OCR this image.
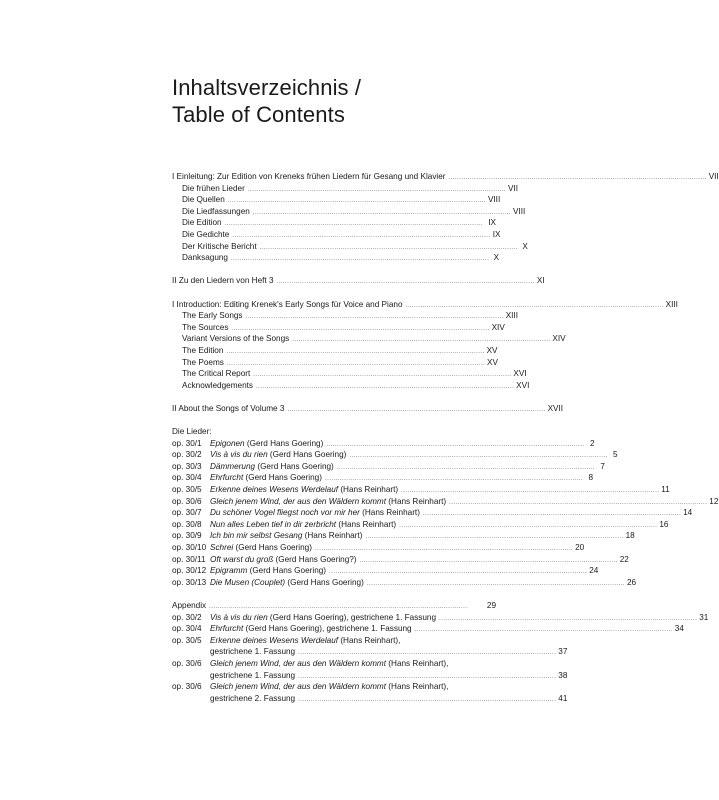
Inhaltsverzeichnis /
Table of Contents
I Einleitung: Zur Edition von Kreneks frühen Liedern für Gesang und Klavier . . .	VII
Die frühen Lieder . . .	VII
Die Quellen . . .	VIII
Die Liedfassungen . . .	VIII
Die Edition . . .	IX
Die Gedichte . . .	IX
Der Kritische Bericht . . .	X
Danksagung . . .	X
II Zu den Liedern von Heft 3 . . .	XI
I Introduction: Editing Krenek's Early Songs für Voice and Piano . . .	XIII
The Early Songs . . .	XIII
The Sources . . .	XIV
Variant Versions of the Songs . . .	XIV
The Edition . . .	XV
The Poems . . .	XV
The Critical Report . . .	XVI
Acknowledgements . . .	XVI
II About the Songs of Volume 3 . . .	XVII
Die Lieder:
op. 30/1	Epigonen (Gerd Hans Goering) . . .	2
op. 30/2	Vis à vis du rien (Gerd Hans Goering) . . .	5
op. 30/3	Dämmerung (Gerd Hans Goering) . . .	7
op. 30/4	Ehrfurcht (Gerd Hans Goering) . . .	8
op. 30/5	Erkenne deines Wesens Werdelauf (Hans Reinhart) . . .	11
op. 30/6	Gleich jenem Wind, der aus den Wäldern kommt (Hans Reinhart) . . .	12
op. 30/7	Du schöner Vogel fliegst noch vor mir her (Hans Reinhart) . . .	14
op. 30/8	Nun alles Leben tief in dir zerbricht (Hans Reinhart) . . .	16
op. 30/9	Ich bin mir selbst Gesang (Hans Reinhart) . . .	18
op. 30/10 Schrei (Gerd Hans Goering) . . .	20
op. 30/11 Oft warst du groß (Gerd Hans Goering?) . . .	22
op. 30/12 Epigramm (Gerd Hans Goering) . . .	24
op. 30/13 Die Musen (Couplet) (Gerd Hans Goering) . . .	26
Appendix . . .	29
op. 30/2	Vis à vis du rien (Gerd Hans Goering), gestrichene 1. Fassung . . .	31
op. 30/4	Ehrfurcht (Gerd Hans Goering), gestrichene 1. Fassung . . .	34
op. 30/5	Erkenne deines Wesens Werdelauf (Hans Reinhart),
gestrichene 1. Fassung . . .	37
op. 30/6	Gleich jenem Wind, der aus den Wäldern kommt (Hans Reinhart),
gestrichene 1. Fassung . . .	38
op. 30/6	Gleich jenem Wind, der aus den Wäldern kommt (Hans Reinhart),
gestrichene 2. Fassung . . .	41
